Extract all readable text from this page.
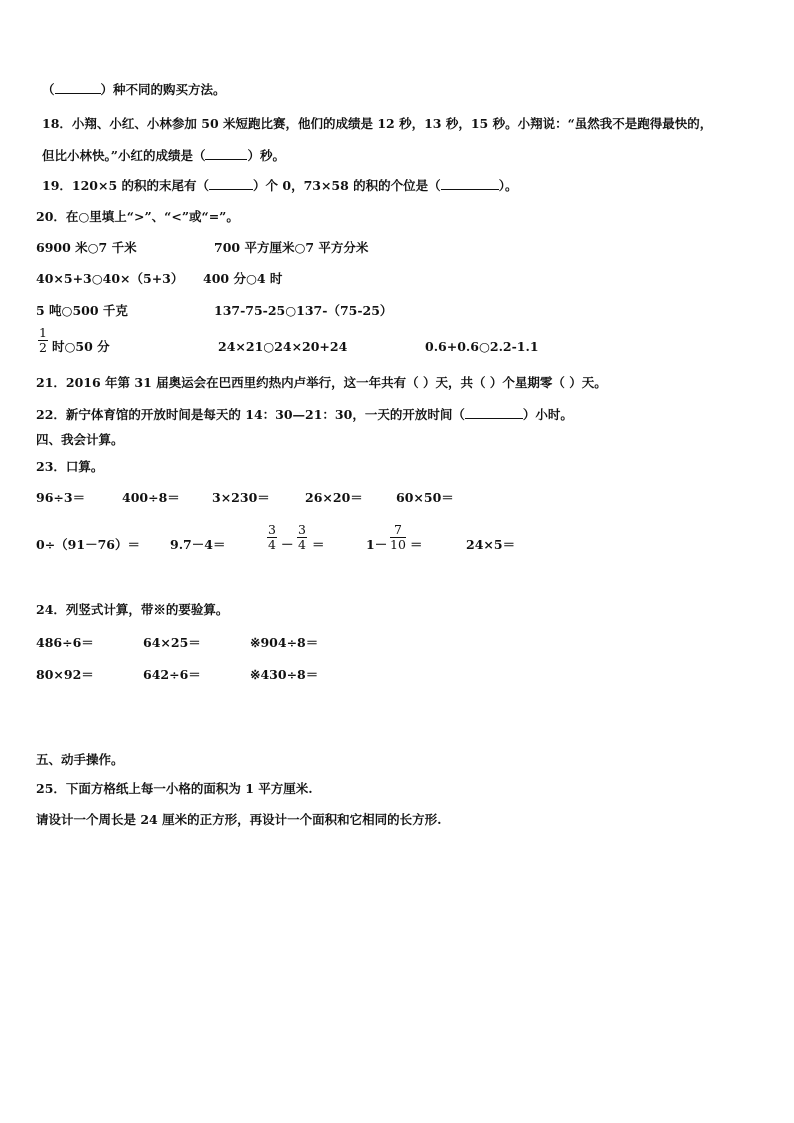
（	）种不同的购买方法。
18．小翔、小红、小林参加 50 米短跑比赛，他们的成绩是 12 秒，13 秒，15 秒。小翔说：“虽然我不是跑得最快的，
但比小林快。”小红的成绩是（	）秒。
19．120×5 的积的末尾有（	）个 0，73×58 的积的个位是（	）。
20．在○里填上“>”、“<”或“=”。
6900 米○7 千米	700 平方厘米○7 平方分米
40×5+3○40×（5+3） 400 分○4 时
5 吨○500 千克	137-75-25○137-（75-25）
$\frac{1}{2}$ 时○50 分	24×21○24×20+24	0.6+0.6○2.2-1.1
21．2016 年第 31 届奥运会在巴西里约热内卢举行，这一年共有（ ）天，共（ ）个星期零（ ）天。
22．新宁体育馆的开放时间是每天的 14：30—21：30，一天的开放时间（	）小时。
四、我会计算。
23．口算。
96÷3＝	400÷8＝	3×230＝	26×20＝	60×50＝
0÷（91－76）＝ 9.7－4＝	$\frac{3}{4} - \frac{3}{4}$ ＝	$1- \frac{7}{10}$ ＝	24×5＝
24．列竖式计算，带※的要验算。
486÷6＝	64×25＝	※904÷8＝
80×92＝	642÷6＝	※430÷8＝
五、动手操作。
25．下面方格纸上每一小格的面积为 1 平方厘米.
请设计一个周长是 24 厘米的正方形，再设计一个面积和它相同的长方形.
